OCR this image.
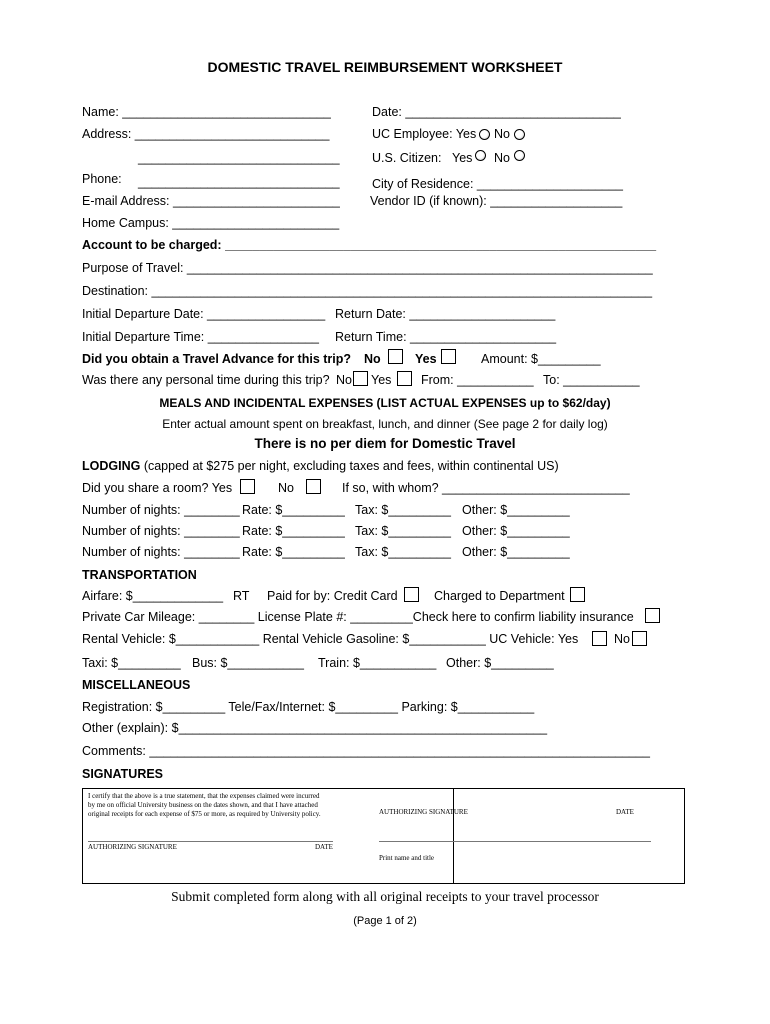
DOMESTIC TRAVEL REIMBURSEMENT WORKSHEET
Name: ______________________________	Date: _______________________________
Address: ____________________________	UC Employee: Yes No
_____________________________	U.S. Citizen: Yes No
Phone: _____________________________	City of Residence: _____________________
E-mail Address: ________________________ Vendor ID (if known): ___________________
Home Campus: ________________________
Account to be charged: ______________________________________________________________
Purpose of Travel: ___________________________________________________________________
Destination: ________________________________________________________________________
Initial Departure Date: _________________ Return Date: _____________________
Initial Departure Time: ________________ Return Time: _____________________
Did you obtain a Travel Advance for this trip? No	Yes	Amount: $_________
Was there any personal time during this trip? No Yes From: ___________ To: ___________
MEALS AND INCIDENTAL EXPENSES (LIST ACTUAL EXPENSES up to $62/day)
Enter actual amount spent on breakfast, lunch, and dinner (See page 2 for daily log)
There is no per diem for Domestic Travel
LODGING (capped at $275 per night, excluding taxes and fees, within continental US)
Did you share a room? Yes	No	If so, with whom? ___________________________
Number of nights: ________ Rate: $_________ Tax: $_________ Other: $_________
Number of nights: ________ Rate: $_________ Tax: $_________ Other: $_________
Number of nights: ________ Rate: $_________ Tax: $_________ Other: $_________
TRANSPORTATION
Airfare: $_____________ RT Paid for by: Credit Card	Charged to Department
Private Car Mileage: ________ License Plate #: _________Check here to confirm liability insurance
Rental Vehicle: $____________ Rental Vehicle Gasoline: $___________ UC Vehicle: Yes	No
Taxi: $_________ Bus: $___________ Train: $___________ Other: $_________
MISCELLANEOUS
Registration: $_________ Tele/Fax/Internet: $_________ Parking: $___________
Other (explain): $_____________________________________________________
Comments: ________________________________________________________________________
SIGNATURES
I certify that the above is a true statement, that the expenses claimed were incurred
by me on official University business on the dates shown, and that I have attached
original receipts for each expense of $75 or more, as required by University policy.
AUTHORIZING SIGNATURE	DATE
AUTHORIZING SIGNATURE	DATE
Print name and title
Submit completed form along with all original receipts to your travel processor
(Page 1 of 2)
